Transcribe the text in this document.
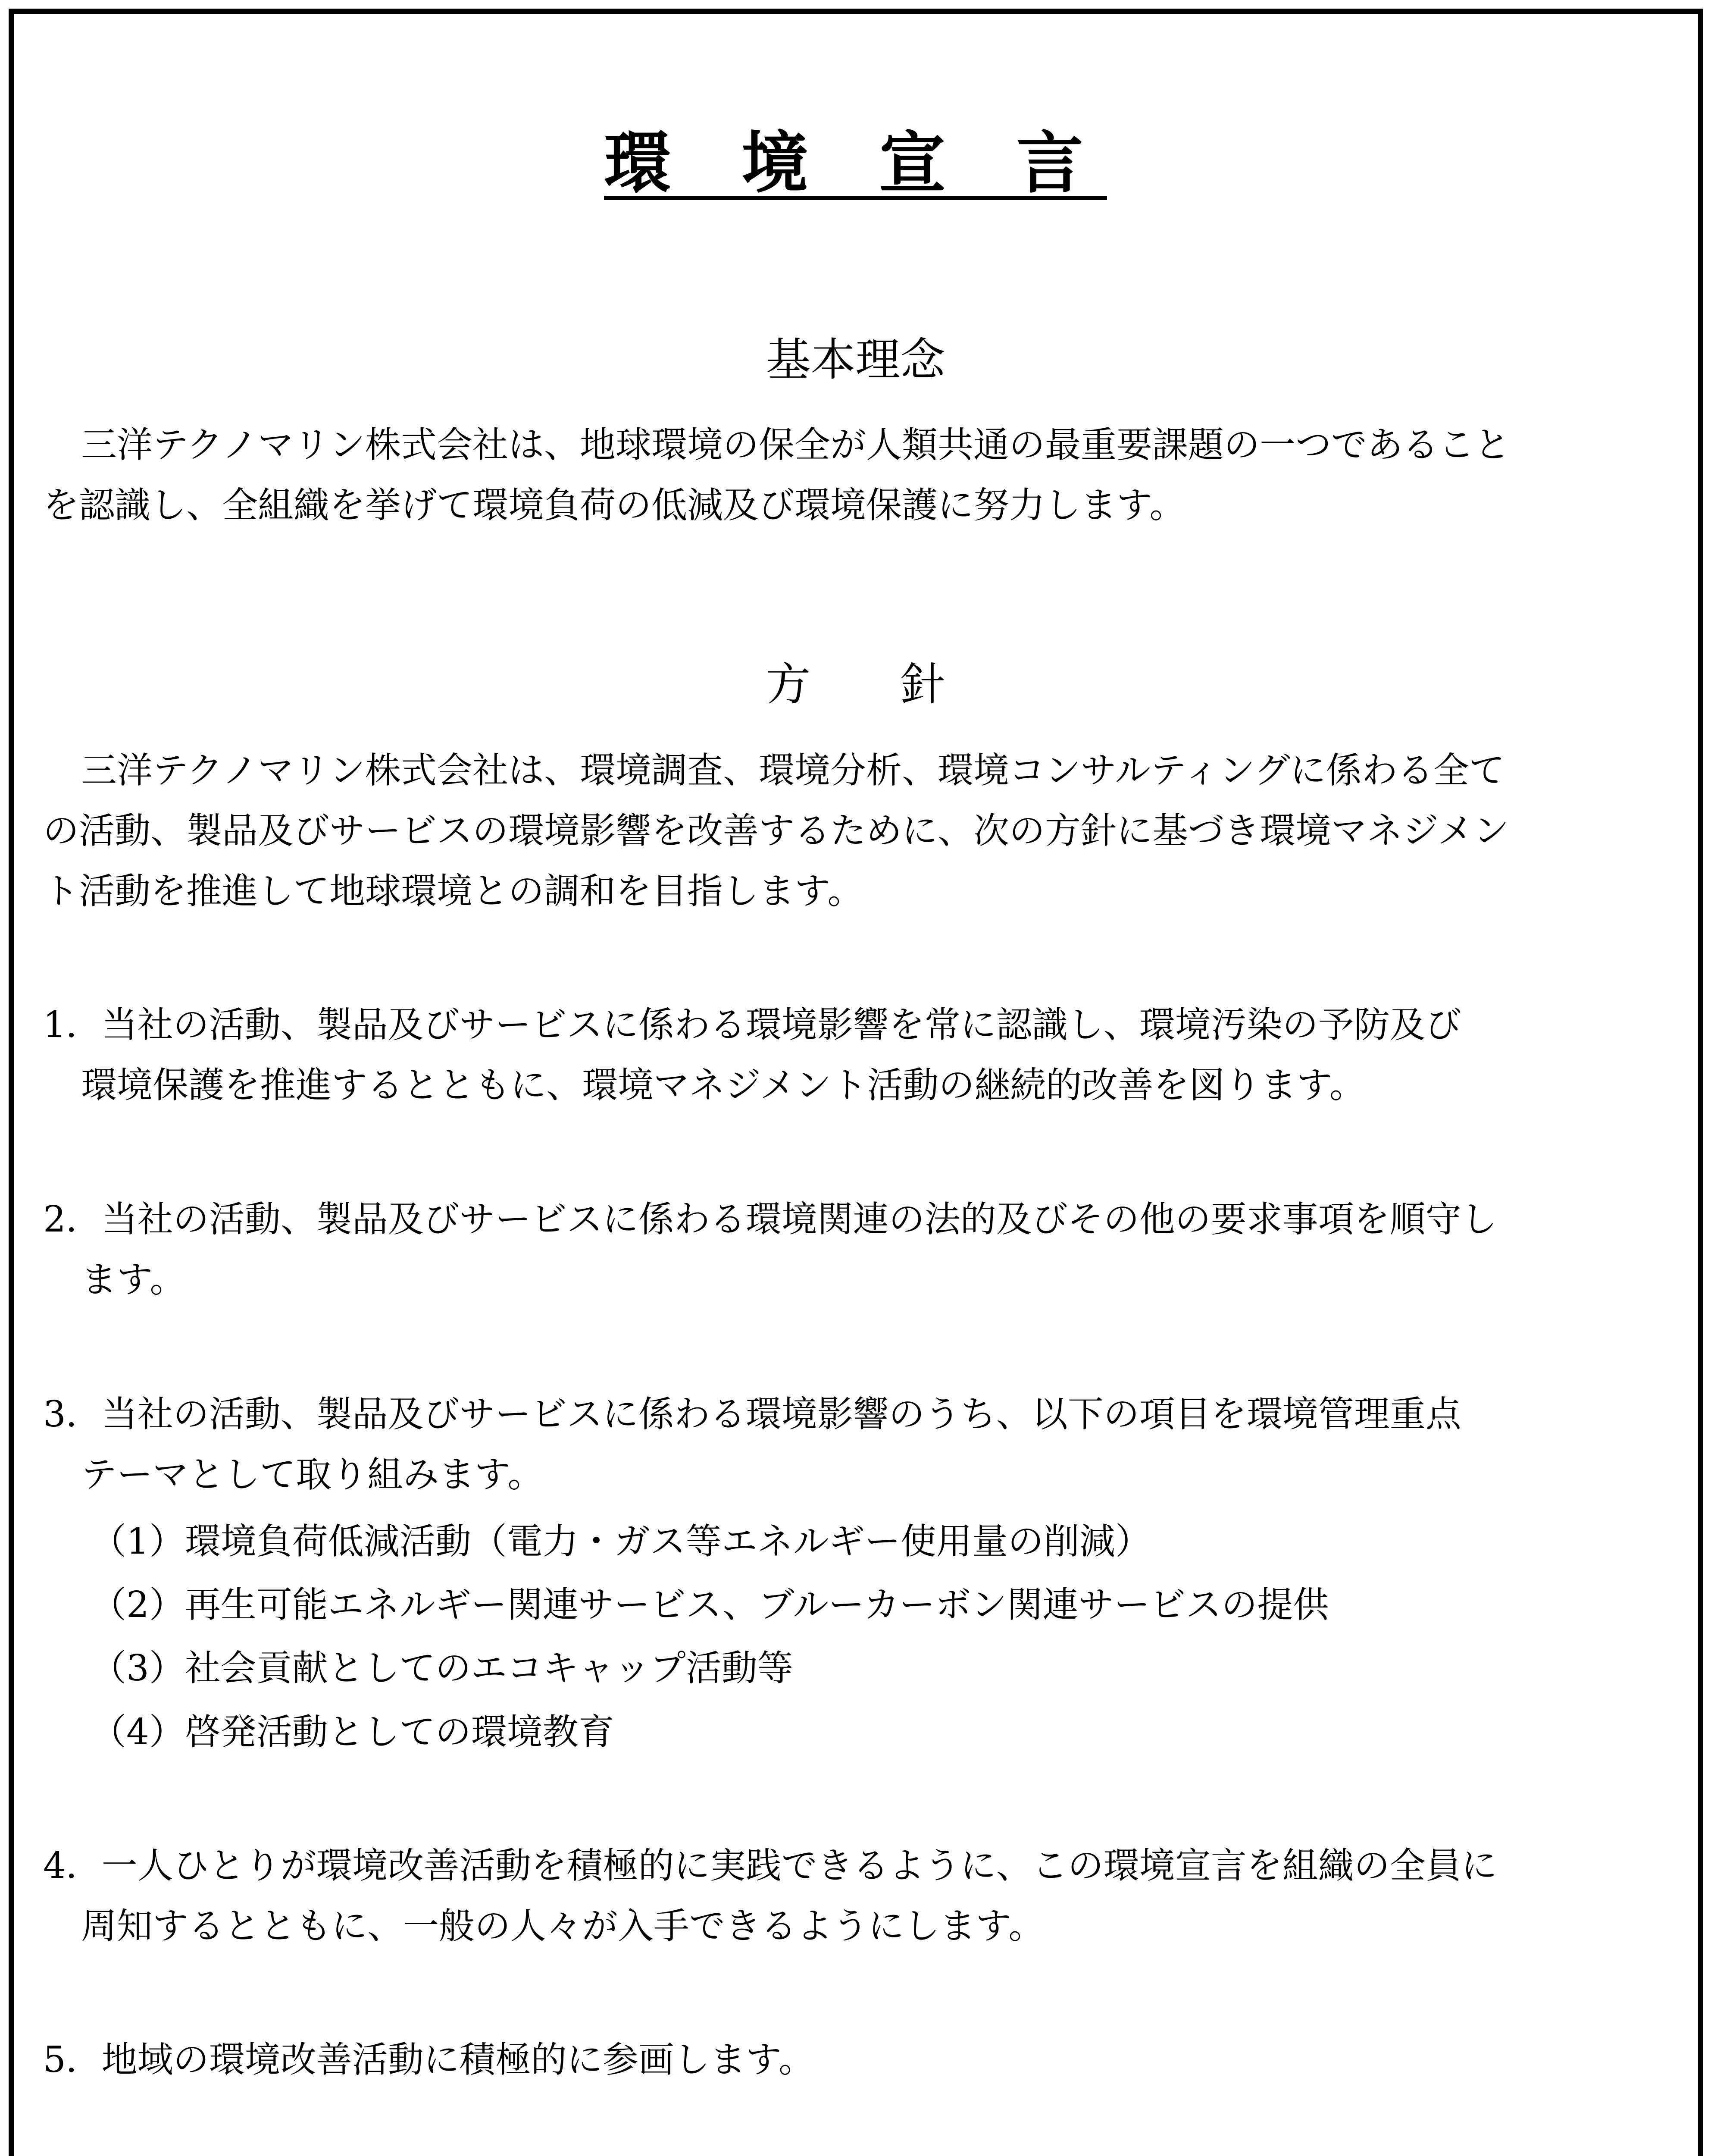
環 境 宣 言
基本理念
三洋テクノマリン株式会社は、地球環境の保全が人類共通の最重要課題の一つであること
を認識し、全組織を挙げて環境負荷の低減及び環境保護に努力します。
方　　針
三洋テクノマリン株式会社は、環境調査、環境分析、環境コンサルティングに係わる全て
の活動、製品及びサービスの環境影響を改善するために、次の方針に基づき環境マネジメン
ト活動を推進して地球環境との調和を目指します。
1．当社の活動、製品及びサービスに係わる環境影響を常に認識し、環境汚染の予防及び
環境保護を推進するとともに、環境マネジメント活動の継続的改善を図ります。
2．当社の活動、製品及びサービスに係わる環境関連の法的及びその他の要求事項を順守し
ます。
3．当社の活動、製品及びサービスに係わる環境影響のうち、以下の項目を環境管理重点
テーマとして取り組みます。
（1）環境負荷低減活動（電力・ガス等エネルギー使用量の削減）
（2）再生可能エネルギー関連サービス、ブルーカーボン関連サービスの提供
（3）社会貢献としてのエコキャップ活動等
（4）啓発活動としての環境教育
4．一人ひとりが環境改善活動を積極的に実践できるように、この環境宣言を組織の全員に
周知するとともに、一般の人々が入手できるようにします。
5．地域の環境改善活動に積極的に参画します。
